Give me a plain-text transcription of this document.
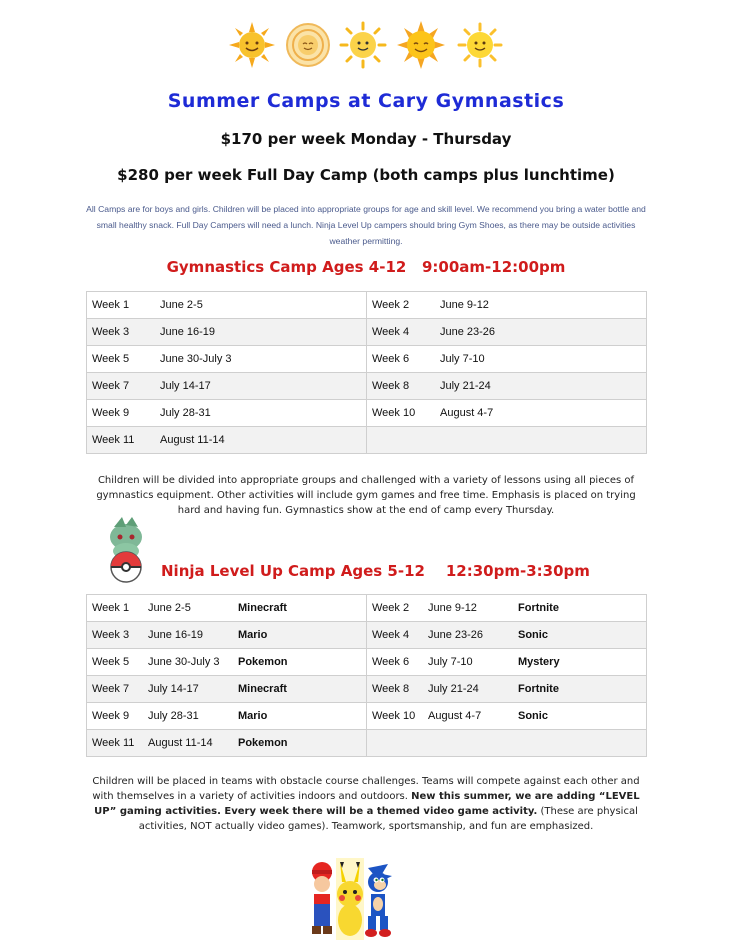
Summer Camps at Cary Gymnastics
$170 per week Monday - Thursday
$280 per week Full Day Camp (both camps plus lunchtime)
All Camps are for boys and girls. Children will be placed into appropriate groups for age and skill level. We recommend you bring a water bottle and small healthy snack. Full Day Campers will need a lunch. Ninja Level Up campers should bring Gym Shoes, as there may be outside activities weather permitting.
Gymnastics Camp Ages 4-12   9:00am-12:00pm
Week 1 June 2-5	Week 2 June 9-12
Week 3 June 16-19	Week 4 June 23-26
Week 5 June 30-July 3	Week 6 July 7-10
Week 7 July 14-17	Week 8 July 21-24
Week 9 July 28-31	Week 10 August 4-7
Week 11 August 11-14	
Children will be divided into appropriate groups and challenged with a variety of lessons using all pieces of gymnastics equipment. Other activities will include gym games and free time. Emphasis is placed on trying hard and having fun. Gymnastics show at the end of camp every Thursday.
Ninja Level Up Camp Ages 5-12    12:30pm-3:30pm
Week 1 June 2-5 Minecraft	Week 2 June 9-12 Fortnite
Week 3 June 16-19 Mario	Week 4 June 23-26 Sonic
Week 5 June 30-July 3 Pokemon	Week 6 July 7-10 Mystery
Week 7 July 14-17 Minecraft	Week 8 July 21-24 Fortnite
Week 9 July 28-31 Mario	Week 10 August 4-7 Sonic
Week 11 August 11-14 Pokemon	
Children will be placed in teams with obstacle course challenges. Teams will compete against each other and with themselves in a variety of activities indoors and outdoors. New this summer, we are adding “LEVEL UP” gaming activities. Every week there will be a themed video game activity. (These are physical activities, NOT actually video games). Teamwork, sportsmanship, and fun are emphasized.
